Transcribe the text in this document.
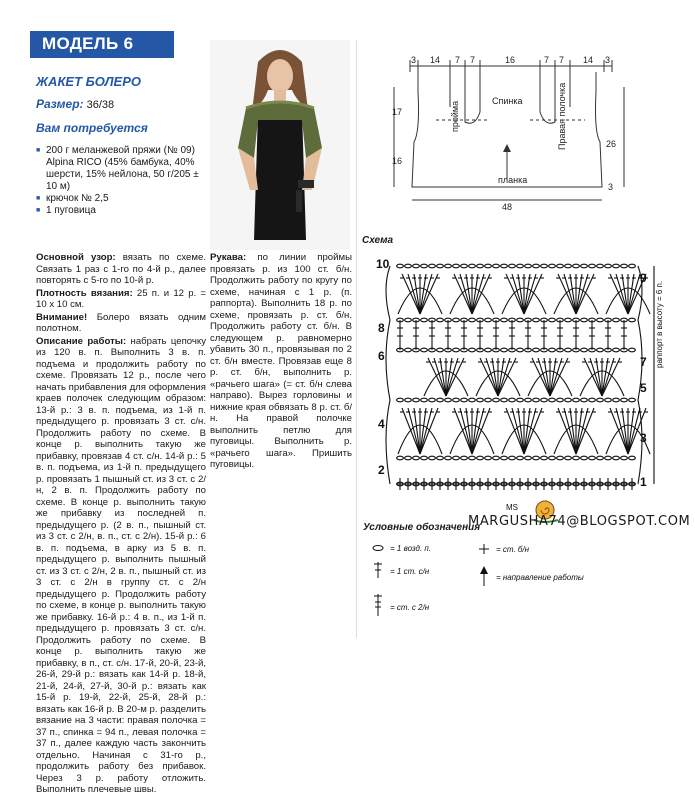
МОДЕЛЬ 6
ЖАКЕТ БОЛЕРО
Размер: 36/38
Вам потребуется
■ 200 г меланжевой пряжи (№ 09) Alpina RICO (45% бамбука, 40% шерсти, 15% нейлона, 50 г/205 ± 10 м)
■ крючок № 2,5
■ 1 пуговица

Основной узор: вязать по схеме. Связать 1 раз с 1-го по 4-й р., далее повторять с 5-го по 10-й р.

Плотность вязания: 25 п. и 12 р. = 10 x 10 см.

Внимание! Болеро вязать одним полотном.

Описание работы: набрать цепочку из 120 в. п. Выполнить 3 в. п. подъема и продолжить работу по схеме. Провязать 12 р., после чего начать прибавления для оформления краев полочек следующим образом: 13-й р.: 3 в. п. подъема, из 1-й п. предыдущего р. провязать 3 ст. с/н. Продолжить работу по схеме. В конце р. выполнить такую же прибавку, провязав 4 ст. с/н. 14-й р.: 5 в. п. подъема, из 1-й п. предыдущего р. провязать 1 пышный ст. из 3 ст. с 2/н, 2 в. п. Продолжить работу по схеме. В конце р. выполнить такую же прибавку из последней п. предыдущего р. (2 в. п., пышный ст. из 3 ст. с 2/н, в. п., ст. с 2/н). 15-й р.: 6 в. п. подъема, в арку из 5 в. п. предыдущего р. выполнить пышный ст. из 3 ст. с 2/н, 2 в. п., пышный ст. из 3 ст. с 2/н в группу ст. с 2/н предыдущего р. Продолжить работу по схеме, в конце р. выполнить такую же прибавку. 16-й р.: 4 в. п., из 1-й п. предыдущего р. провязать 3 ст. с/н. Продолжить работу по схеме. В конце р. выполнить такую же прибавку, в п., ст. с/н. 17-й, 20-й, 23-й, 26-й, 29-й р.: вязать как 14-й р. 18-й, 21-й, 24-й, 27-й, 30-й р.: вязать как 15-й р. 19-й, 22-й, 25-й, 28-й р.: вязать как 16-й р. В 20-м р. разделить вязание на 3 части: правая полочка = 37 п., спинка = 94 п., левая полочка = 37 п., далее каждую часть закончить отдельно. Начиная с 31-го р., продолжить работу без прибавок. Через 3 р. работу отложить. Выполнить плечевые швы.

Рукава: по линии проймы провязать р. из 100 ст. б/н. Продолжить работу по кругу по схеме, начиная с 1 р. (п. раппорта). Выполнить 18 р. по схеме, провязать р. ст. б/н. Продолжить работу ст. б/н. В следующем р. равномерно убавить 30 п., провязывая по 2 ст. б/н вместе. Провязав еще 8 р. ст. б/н, выполнить р. «рачьего шага» (= ст. б/н слева направо). Вырез горловины и нижние края обвязать 8 р. ст. б/н. На правой полочке выполнить петлю для пуговицы. Выполнить р. «рачьего шага». Пришить пуговицы.

3 14 7 7	16	7 7 14 3
Спинка
пройма	Правая полочка
планка
17
16
26
3
48
Схема
10
6
4
2
8
9
7
5
3
1
раппорт в высоту = 6 п.
MS
Условные обозначения
= 1 возд. п.
= 1 ст. с/н
= ст. с 2/н
= ст. б/н
= направление работы
MARGUSHA74@BLOGSPOT.COM
